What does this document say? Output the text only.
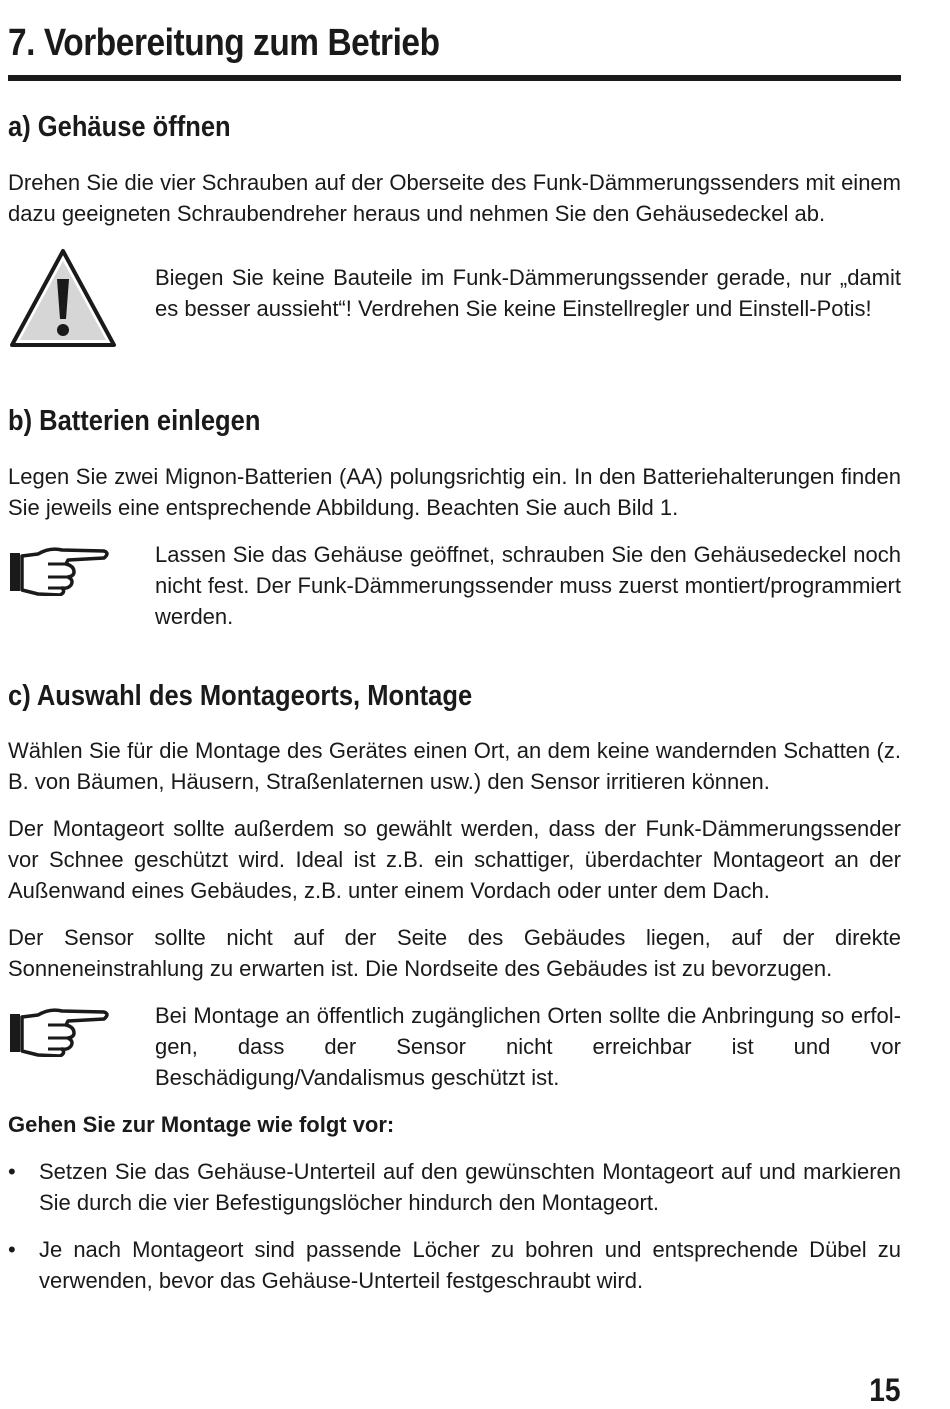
7. Vorbereitung zum Betrieb
a) Gehäuse öffnen

Drehen Sie die vier Schrauben auf der Oberseite des Funk-Dämmerungssenders mit einem dazu geeigneten Schraubendreher heraus und nehmen Sie den Gehäusedeckel ab.

Biegen Sie keine Bauteile im Funk-Dämmerungssender gerade, nur „damit es besser aussieht“! Verdrehen Sie keine Einstellregler und Einstell-Potis!

b) Batterien einlegen

Legen Sie zwei Mignon-Batterien (AA) polungsrichtig ein. In den Batteriehalterungen finden Sie jeweils eine entsprechende Abbildung. Beachten Sie auch Bild 1.

Lassen Sie das Gehäuse geöffnet, schrauben Sie den Gehäusedeckel noch nicht fest. Der Funk-Dämmerungssender muss zuerst montiert/programmiert werden.

c) Auswahl des Montageorts, Montage

Wählen Sie für die Montage des Gerätes einen Ort, an dem keine wandernden Schatten (z. B. von Bäumen, Häusern, Straßenlaternen usw.) den Sensor irritieren können.

Der Montageort sollte außerdem so gewählt werden, dass der Funk-Dämmerungssender vor Schnee geschützt wird. Ideal ist z.B. ein schattiger, überdachter Montageort an der Außenwand eines Gebäudes, z.B. unter einem Vordach oder unter dem Dach.

Der Sensor sollte nicht auf der Seite des Gebäudes liegen, auf der direkte Sonneneinstrahlung zu erwarten ist. Die Nordseite des Gebäudes ist zu bevorzugen.

Bei Montage an öffentlich zugänglichen Orten sollte die Anbringung so erfolgen, dass der Sensor nicht erreichbar ist und vor Beschädigung/Vandalismus geschützt ist.

Gehen Sie zur Montage wie folgt vor:

• Setzen Sie das Gehäuse-Unterteil auf den gewünschten Montageort auf und markieren Sie durch die vier Befestigungslöcher hindurch den Montageort.

• Je nach Montageort sind passende Löcher zu bohren und entsprechende Dübel zu verwenden, bevor das Gehäuse-Unterteil festgeschraubt wird.

15
